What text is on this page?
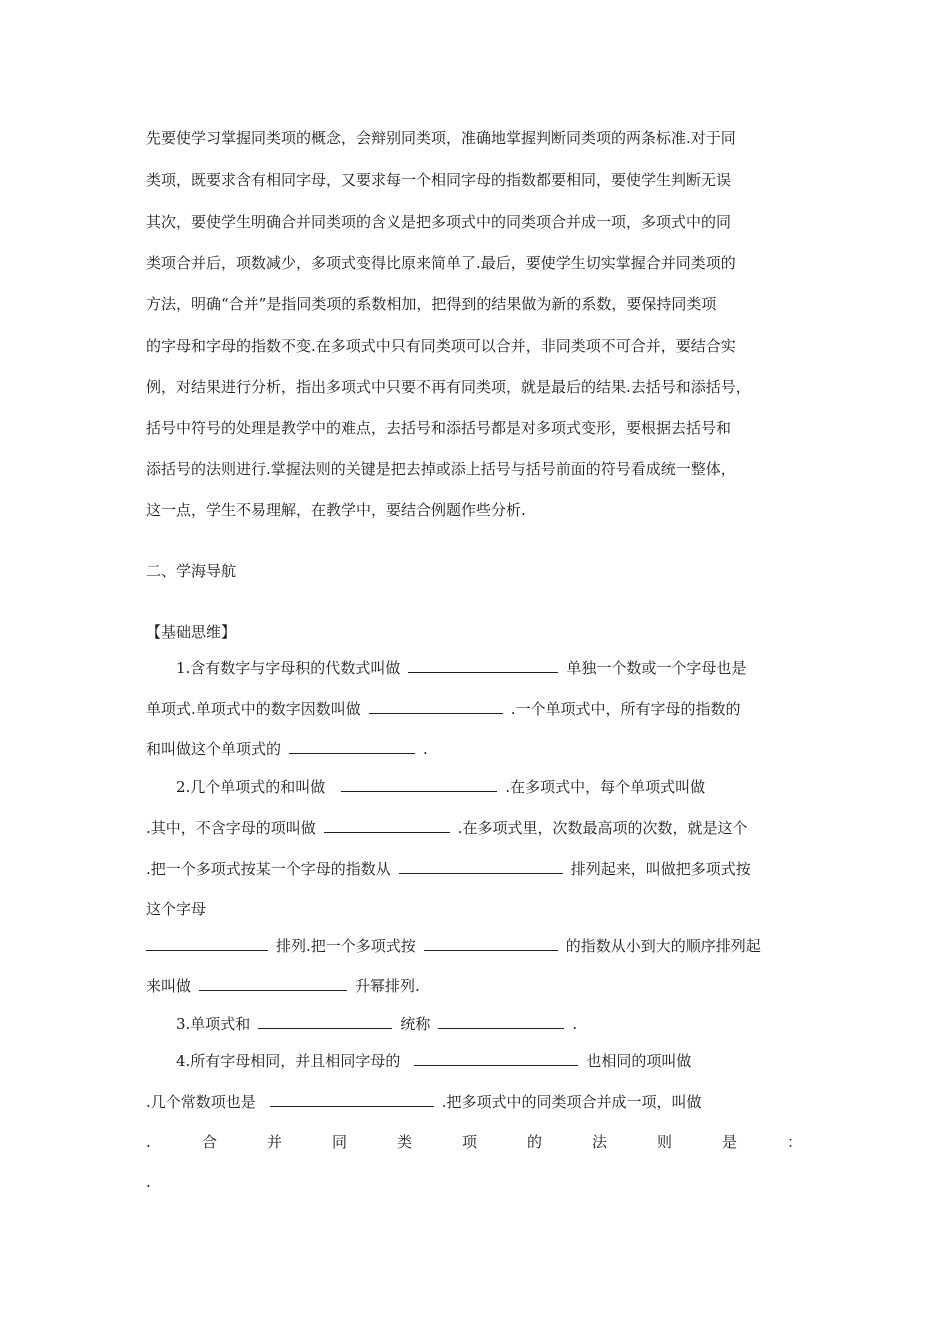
先要使学习掌握同类项的概念，会辩别同类项，准确地掌握判断同类项的两条标准.对于同
类项，既要求含有相同字母，又要求每一个相同字母的指数都要相同，要使学生判断无误
其次，要使学生明确合并同类项的含义是把多项式中的同类项合并成一项，多项式中的同
类项合并后，项数减少，多项式变得比原来简单了.最后，要使学生切实掌握合并同类项的
方法，明确“合并”是指同类项的系数相加，把得到的结果做为新的系数，要保持同类项
的字母和字母的指数不变.在多项式中只有同类项可以合并，非同类项不可合并，要结合实
例，对结果进行分析，指出多项式中只要不再有同类项，就是最后的结果.去括号和添括号，
括号中符号的处理是教学中的难点，去括号和添括号都是对多项式变形，要根据去括号和
添括号的法则进行.掌握法则的关键是把去掉或添上括号与括号前面的符号看成统一整体，
这一点，学生不易理解，在教学中，要结合例题作些分析.
二、学海导航
【基础思维】
1.含有数字与字母积的代数式叫做	单独一个数或一个字母也是
单项式.单项式中的数字因数叫做	.一个单项式中，所有字母的指数的
和叫做这个单项式的	.
2.几个单项式的和叫做	.在多项式中，每个单项式叫做
.其中，不含字母的项叫做	.在多项式里，次数最高项的次数，就是这个
.把一个多项式按某一个字母的指数从	排列起来，叫做把多项式按
这个字母
排列.把一个多项式按	的指数从小到大的顺序排列起
来叫做	升幂排列.
3.单项式和	统称	.
4.所有字母相同，并且相同字母的	也相同的项叫做
.几个常数项也是	.把多项式中的同类项合并成一项，叫做
.	合	并	同	类	项	的	法	则	是	：
.
